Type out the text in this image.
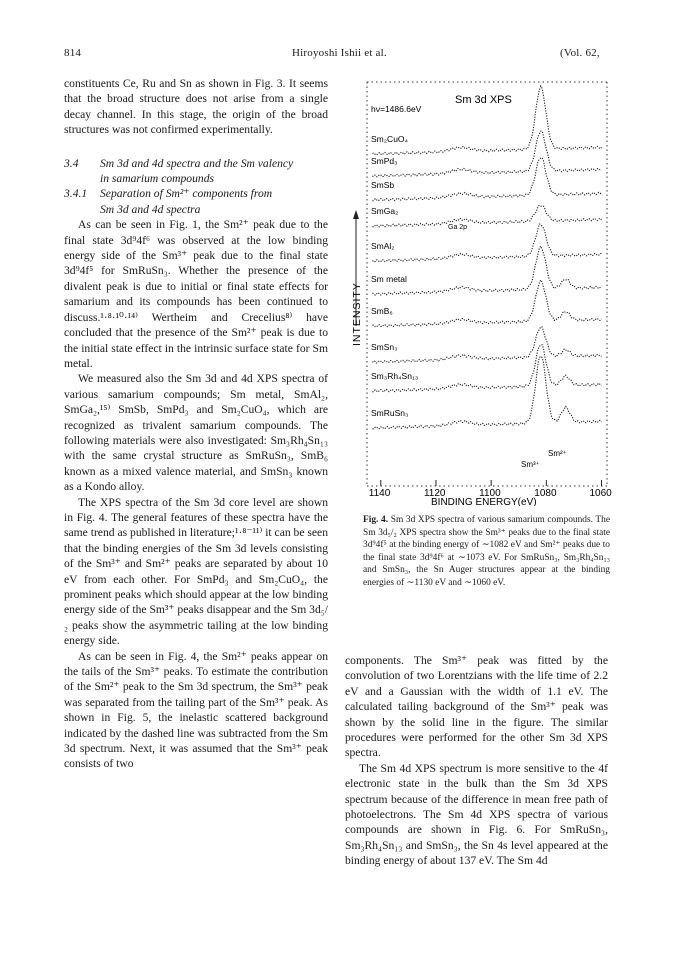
814	Hiroyoshi Ishii et al.	(Vol. 62,

constituents Ce, Ru and Sn as shown in Fig. 3. It seems that the broad structure does not arise from a single decay channel. In this stage, the origin of the broad structures was not confirmed experimentally.

3.4 Sm 3d and 4d spectra and the Sm valency
in samarium compounds
3.4.1 Separation of Sm²⁺ components from
Sm 3d and 4d spectra

As can be seen in Fig. 1, the Sm²⁺ peak due to the final state 3d⁹4f⁶ was observed at the low binding energy side of the Sm³⁺ peak due to the final state 3d⁹4f⁵ for SmRuSn₃. Whether the presence of the divalent peak is due to initial or final state effects for samarium and its compounds has been continued to discuss.¹·⁸·¹⁰·¹⁴⁾ Wertheim and Crecelius⁸⁾ have concluded that the presence of the Sm²⁺ peak is due to the initial state effect in the intrinsic surface state for Sm metal.

We measured also the Sm 3d and 4d XPS spectra of various samarium compounds; Sm metal, SmAl₂, SmGa₂,¹⁵⁾ SmSb, SmPd₃ and Sm₂CuO₄, which are recognized as trivalent samarium compounds. The following materials were also investigated: Sm₃Rh₄Sn₁₃ with the same crystal structure as SmRuSn₃, SmB₆ known as a mixed valence material, and SmSn₃ known as a Kondo alloy.

The XPS spectra of the Sm 3d core level are shown in Fig. 4. The general features of these spectra have the same trend as published in literature;¹·⁸⁻¹¹⁾ it can be seen that the binding energies of the Sm 3d levels consisting of the Sm³⁺ and Sm²⁺ peaks are separated by about 10 eV from each other. For SmPd₃ and Sm₂CuO₄, the prominent peaks which should appear at the low binding energy side of the Sm³⁺ peaks disappear and the Sm 3d₅/₂ peaks show the asymmetric tailing at the low binding energy side.

As can be seen in Fig. 4, the Sm²⁺ peaks appear on the tails of the Sm³⁺ peaks. To estimate the contribution of the Sm²⁺ peak to the Sm 3d spectrum, the Sm³⁺ peak was separated from the tailing part of the Sm³⁺ peak. As shown in Fig. 5, the inelastic scattered background indicated by the dashed line was subtracted from the Sm 3d spectrum. Next, it was assumed that the Sm³⁺ peak consists of two

INTENSITY
Sm 3d XPS
hν=1486.6eV
Sm₂CuO₄
SmPd₃
SmSb
SmGa₂
SmAl₂
Sm metal
SmB₆
SmSn₃
Sm₃Rh₄Sn₁₃
SmRuSn₃
1140	1120	1100	1080	1060
BINDING ENERGY(eV)
Ga 2p
Sm²⁺
Sm³⁺
Fig. 4. Sm 3d XPS spectra of various samarium compounds. The Sm 3d₅/₂ XPS spectra show the Sm³⁺ peaks due to the final state 3d⁹4f⁵ at the binding energy of ∼1082 eV and Sm²⁺ peaks due to the final state 3d⁹4f⁶ at ∼1073 eV. For SmRuSn₃, Sm₃Rh₄Sn₁₃ and SmSn₃, the Sn Auger structures appear at the binding energies of ∼1130 eV and ∼1060 eV.

components. The Sm³⁺ peak was fitted by the convolution of two Lorentzians with the life time of 2.2 eV and a Gaussian with the width of 1.1 eV. The calculated tailing background of the Sm³⁺ peak was shown by the solid line in the figure. The similar procedures were performed for the other Sm 3d XPS spectra.

The Sm 4d XPS spectrum is more sensitive to the 4f electronic state in the bulk than the Sm 3d XPS spectrum because of the difference in mean free path of photoelectrons. The Sm 4d XPS spectra of various compounds are shown in Fig. 6. For SmRuSn₃, Sm₃Rh₄Sn₁₃ and SmSn₃, the Sn 4s level appeared at the binding energy of about 137 eV. The Sm 4d
